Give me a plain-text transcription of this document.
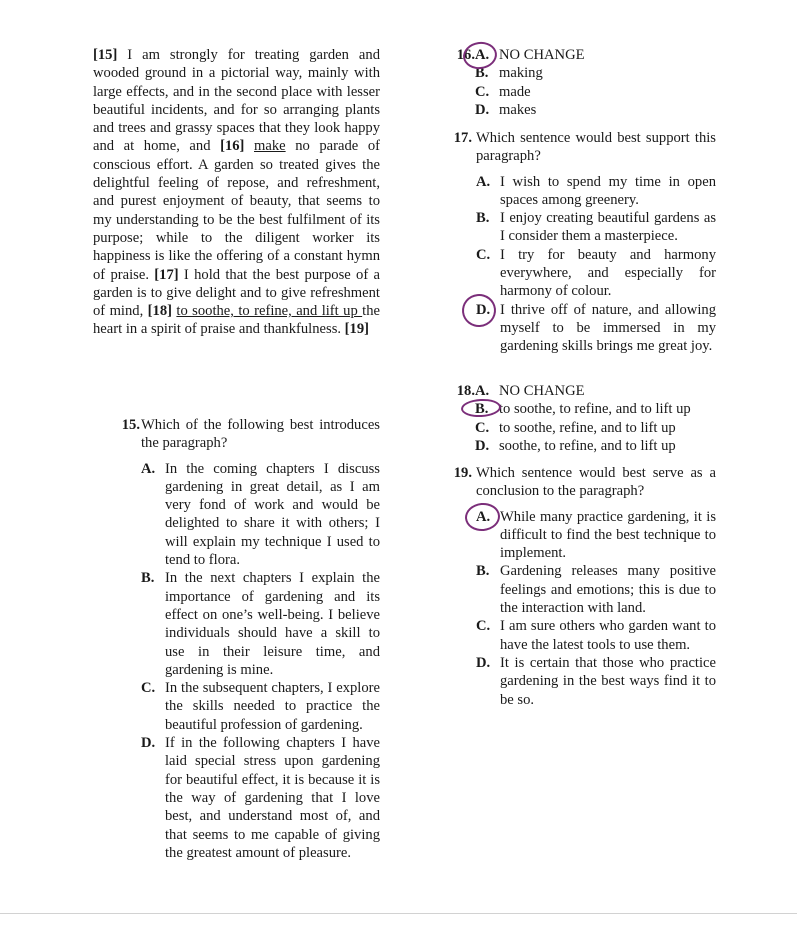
[15] I am strongly for treating garden and wooded ground in a pictorial way, mainly with large effects, and in the second place with lesser beautiful incidents, and for so arranging plants and trees and grassy spaces that they look happy and at home, and [16] make no parade of conscious effort. A garden so treated gives the delightful feeling of repose, and refreshment, and purest enjoyment of beauty, that seems to my understanding to be the best fulfilment of its purpose; while to the diligent worker its happiness is like the offering of a constant hymn of praise. [17] I hold that the best purpose of a garden is to give delight and to give refreshment of mind, [18] to soothe, to refine, and lift up the heart in a spirit of praise and thankfulness. [19]
15. Which of the following best introduces the paragraph?
A. In the coming chapters I discuss gardening in great detail, as I am very fond of work and would be delighted to share it with others; I will explain my technique I used to tend to flora.
B. In the next chapters I explain the importance of gardening and its effect on one’s well-being. I believe individuals should have a skill to use in their leisure time, and gardening is mine.
C. In the subsequent chapters, I explore the skills needed to practice the beautiful profession of gardening.
D. If in the following chapters I have laid special stress upon gardening for beautiful effect, it is because it is the way of gardening that I love best, and understand most of, and that seems to me capable of giving the greatest amount of pleasure.
16. A. NO CHANGE
B. making
C. made
D. makes
17. Which sentence would best support this paragraph?
A. I wish to spend my time in open spaces among greenery.
B. I enjoy creating beautiful gardens as I consider them a masterpiece.
C. I try for beauty and harmony everywhere, and especially for harmony of colour.
D. I thrive off of nature, and allowing myself to be immersed in my gardening skills brings me great joy.
18. A. NO CHANGE
B. to soothe, to refine, and to lift up
C. to soothe, refine, and to lift up
D. soothe, to refine, and to lift up
19. Which sentence would best serve as a conclusion to the paragraph?
A. While many practice gardening, it is difficult to find the best technique to implement.
B. Gardening releases many positive feelings and emotions; this is due to the interaction with land.
C. I am sure others who garden want to have the latest tools to use them.
D. It is certain that those who practice gardening in the best ways find it to be so.
